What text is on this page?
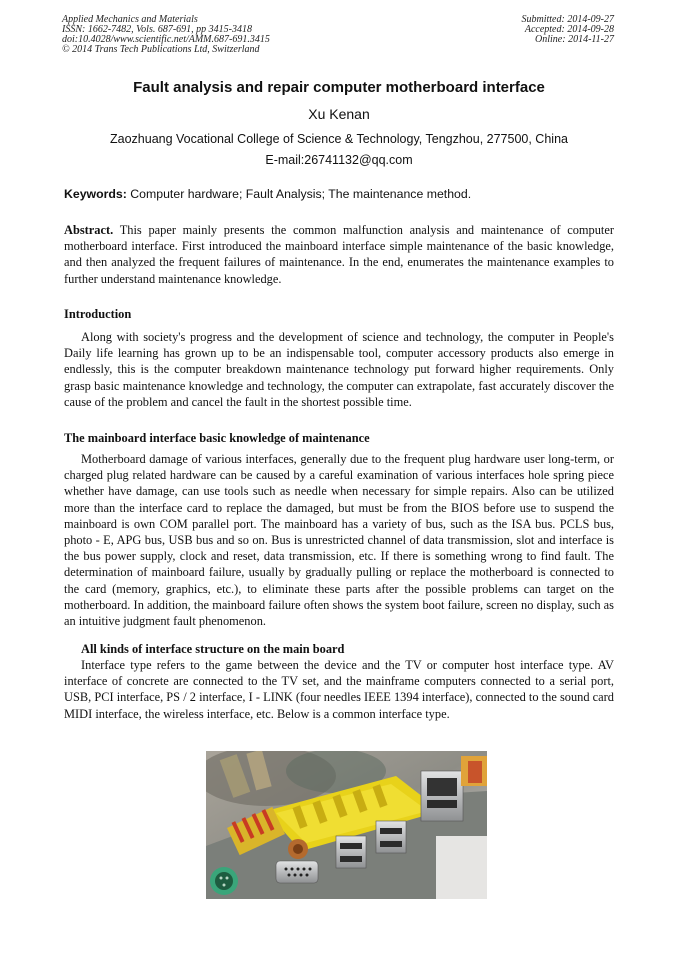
Applied Mechanics and Materials
ISSN: 1662-7482, Vols. 687-691, pp 3415-3418
doi:10.4028/www.scientific.net/AMM.687-691.3415
© 2014 Trans Tech Publications Ltd, Switzerland
Submitted: 2014-09-27
Accepted: 2014-09-28
Online: 2014-11-27
Fault analysis and repair computer motherboard interface
Xu Kenan
Zaozhuang Vocational College of Science & Technology, Tengzhou, 277500, China
E-mail:26741132@qq.com
Keywords: Computer hardware; Fault Analysis; The maintenance method.
Abstract. This paper mainly presents the common malfunction analysis and maintenance of computer motherboard interface. First introduced the mainboard interface simple maintenance of the basic knowledge, and then analyzed the frequent failures of maintenance. In the end, enumerates the maintenance examples to further understand maintenance knowledge.
Introduction
Along with society's progress and the development of science and technology, the computer in People's Daily life learning has grown up to be an indispensable tool, computer accessory products also emerge in endlessly, this is the computer breakdown maintenance technology put forward higher requirements. Only grasp basic maintenance knowledge and technology, the computer can extrapolate, fast accurately discover the cause of the problem and cancel the fault in the shortest possible time.
The mainboard interface basic knowledge of maintenance
Motherboard damage of various interfaces, generally due to the frequent plug hardware user long-term, or charged plug related hardware can be caused by a careful examination of various interfaces hole spring piece whether have damage, can use tools such as needle when necessary for simple repairs. Also can be utilized more than the interface card to replace the damaged, but must be from the BIOS before use to suspend the mainboard is own COM parallel port. The mainboard has a variety of bus, such as the ISA bus. PCLS bus, photo - E, APG bus, USB bus and so on. Bus is unrestricted channel of data transmission, slot and interface is the bus power supply, clock and reset, data transmission, etc. If there is something wrong to find fault. The determination of mainboard failure, usually by gradually pulling or replace the motherboard is connected to the card (memory, graphics, etc.), to eliminate these parts after the possible problems can target on the motherboard. In addition, the mainboard failure often shows the system boot failure, screen no display, such as an intuitive judgment fault phenomenon.
All kinds of interface structure on the main board
Interface type refers to the game between the device and the TV or computer host interface type. AV interface of concrete are connected to the TV set, and the mainframe computers connected to a serial port, USB, PCI interface, PS / 2 interface, I - LINK (four needles IEEE 1394 interface), connected to the sound card MIDI interface, the wireless interface, etc. Below is a common interface type.
